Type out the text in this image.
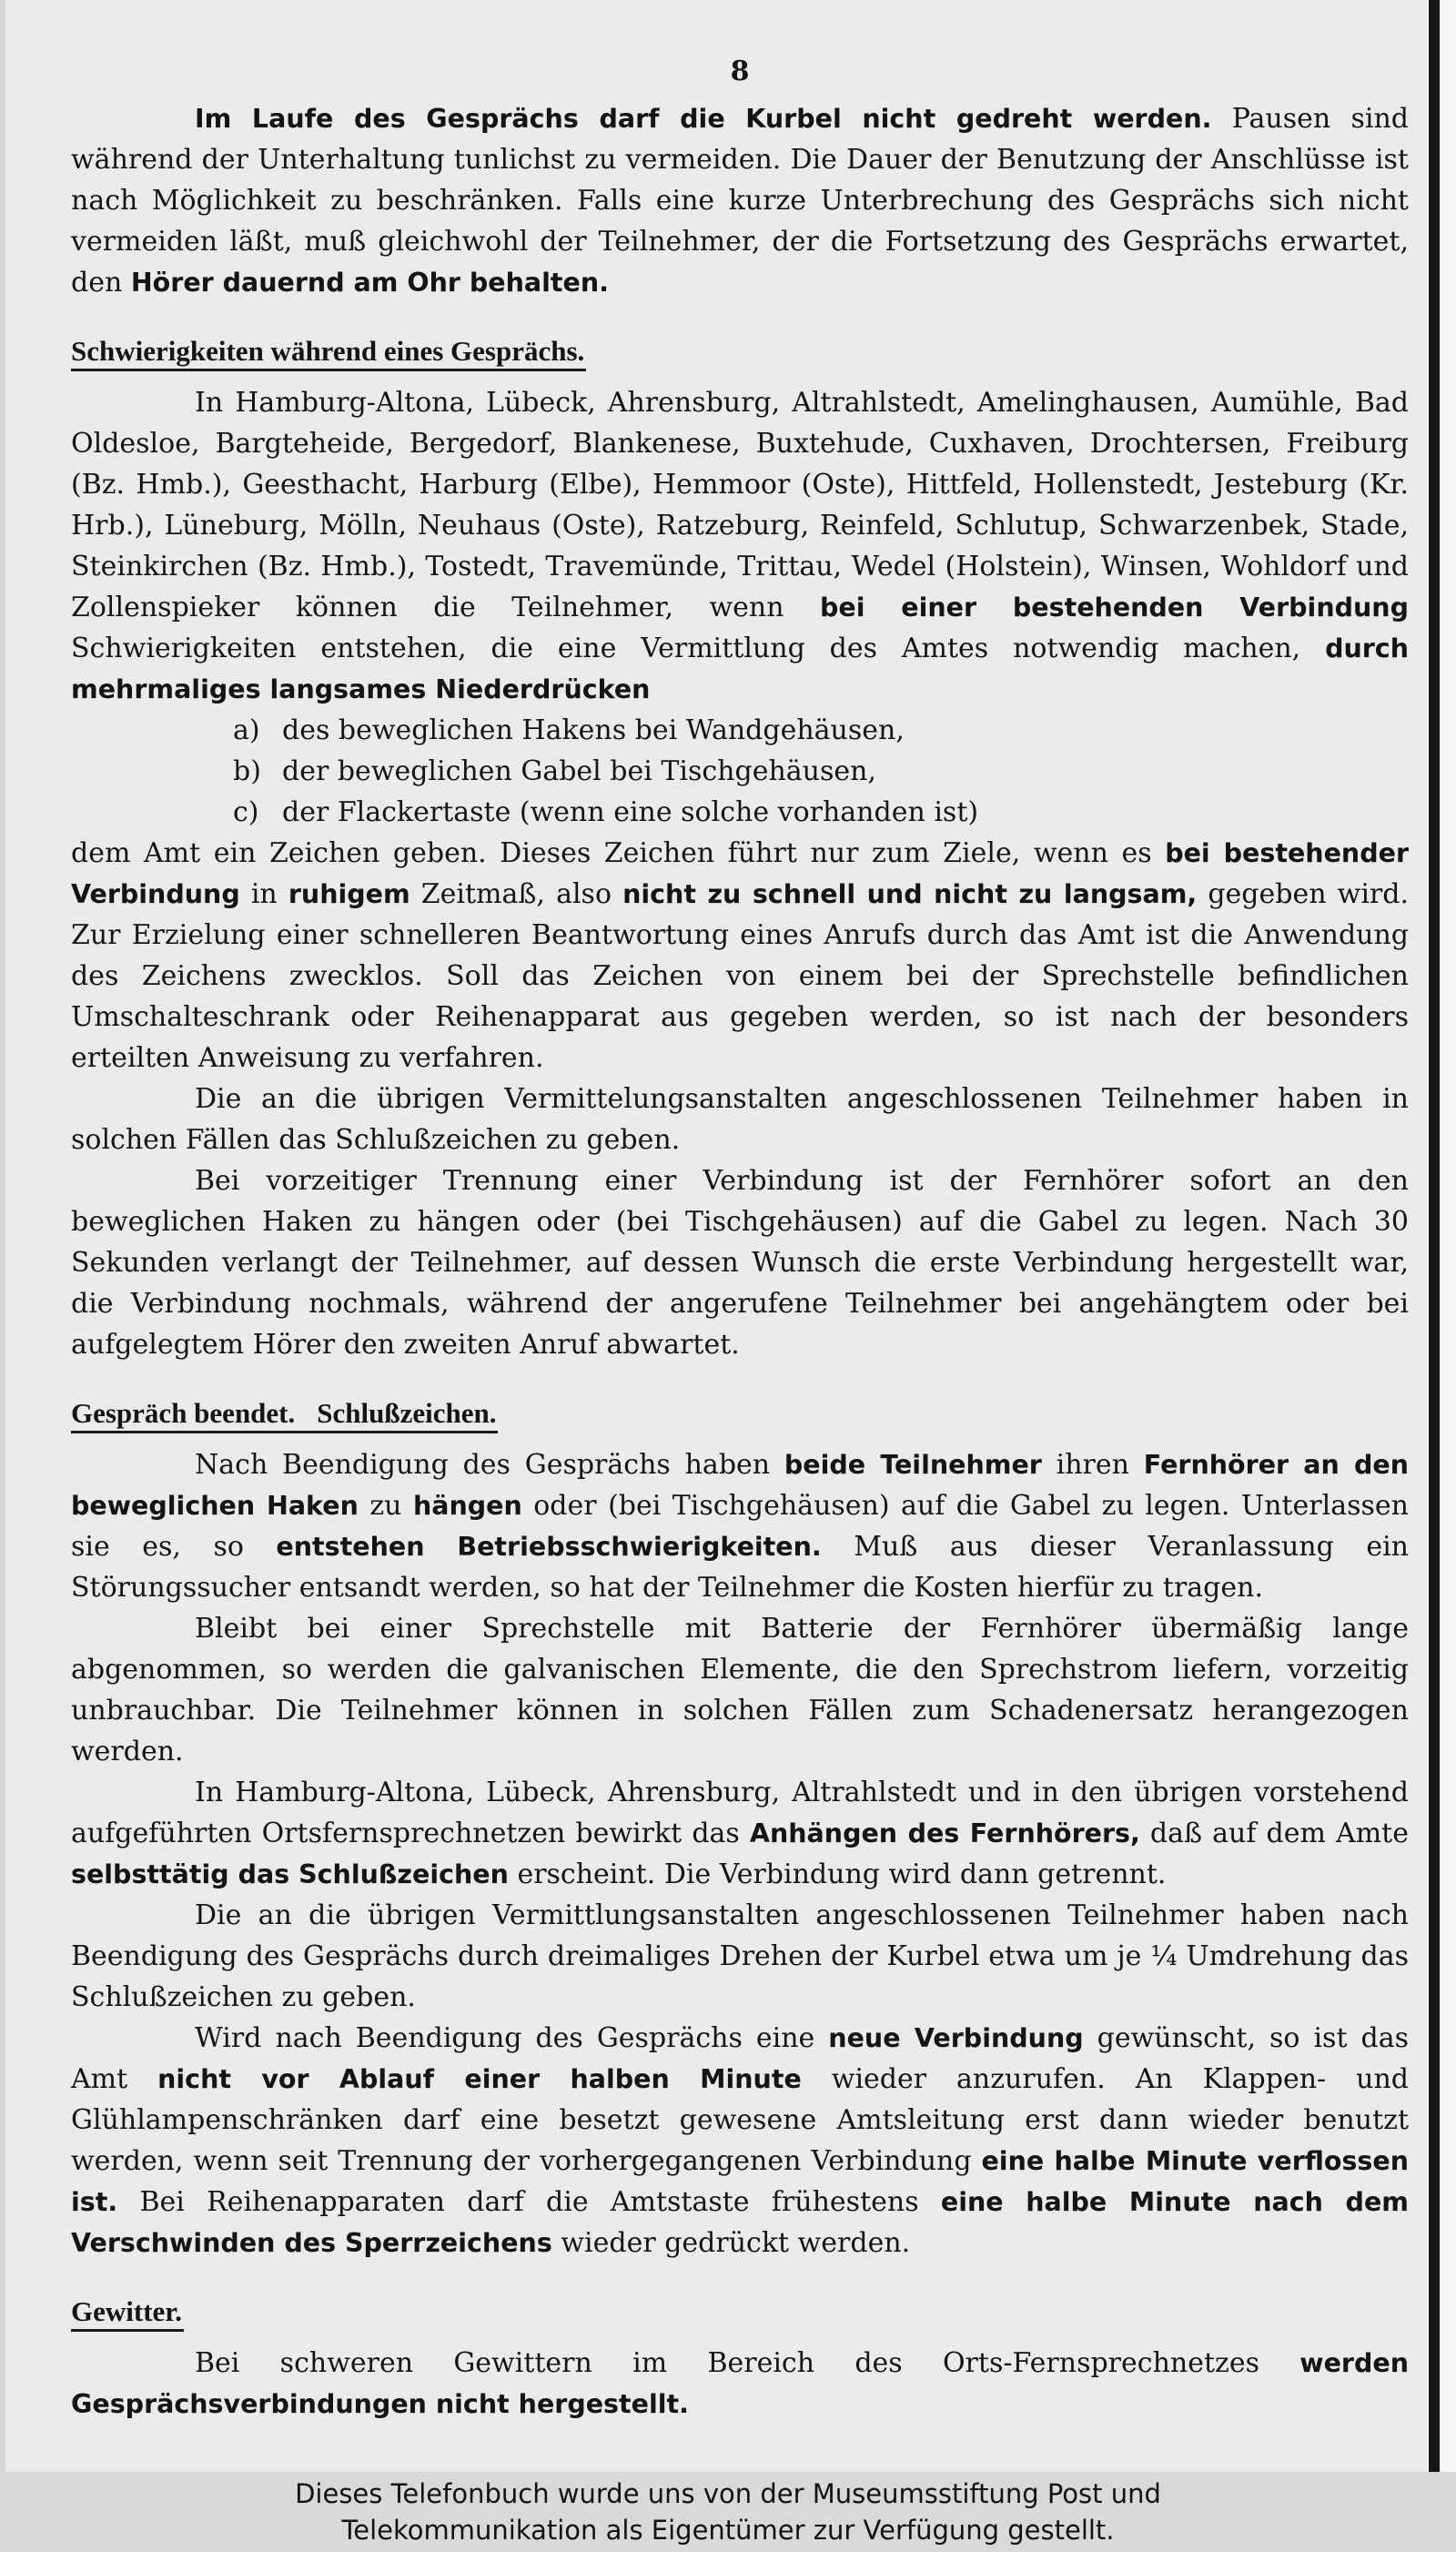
8

Im Laufe des Gesprächs darf die Kurbel nicht gedreht werden. Pausen sind während der Unterhaltung tunlichst zu vermeiden. Die Dauer der Benutzung der Anschlüsse ist nach Möglichkeit zu beschränken. Falls eine kurze Unterbrechung des Gesprächs sich nicht vermeiden läßt, muß gleichwohl der Teilnehmer, der die Fortsetzung des Gesprächs erwartet, den Hörer dauernd am Ohr behalten.

Schwierigkeiten während eines Gesprächs.

In Hamburg-Altona, Lübeck, Ahrensburg, Altrahlstedt, Amelinghausen, Aumühle, Bad Oldesloe, Bargteheide, Bergedorf, Blankenese, Buxtehude, Cuxhaven, Drochtersen, Freiburg (Bz. Hmb.), Geesthacht, Harburg (Elbe), Hemmoor (Oste), Hittfeld, Hollenstedt, Jesteburg (Kr. Hrb.), Lüneburg, Mölln, Neuhaus (Oste), Ratzeburg, Reinfeld, Schlutup, Schwarzenbek, Stade, Steinkirchen (Bz. Hmb.), Tostedt, Travemünde, Trittau, Wedel (Holstein), Winsen, Wohldorf und Zollenspieker können die Teilnehmer, wenn bei einer bestehenden Verbindung Schwierigkeiten entstehen, die eine Vermittlung des Amtes notwendig machen, durch mehrmaliges langsames Niederdrücken

a) des beweglichen Hakens bei Wandgehäusen,
b) der beweglichen Gabel bei Tischgehäusen,
c) der Flackertaste (wenn eine solche vorhanden ist)

dem Amt ein Zeichen geben. Dieses Zeichen führt nur zum Ziele, wenn es bei bestehender Verbindung in ruhigem Zeitmaß, also nicht zu schnell und nicht zu langsam, gegeben wird. Zur Erzielung einer schnelleren Beantwortung eines Anrufs durch das Amt ist die Anwendung des Zeichens zwecklos. Soll das Zeichen von einem bei der Sprechstelle befindlichen Umschalteschrank oder Reihenapparat aus gegeben werden, so ist nach der besonders erteilten Anweisung zu verfahren.

Die an die übrigen Vermittelungsanstalten angeschlossenen Teilnehmer haben in solchen Fällen das Schlußzeichen zu geben.

Bei vorzeitiger Trennung einer Verbindung ist der Fernhörer sofort an den beweglichen Haken zu hängen oder (bei Tischgehäusen) auf die Gabel zu legen. Nach 30 Sekunden verlangt der Teilnehmer, auf dessen Wunsch die erste Verbindung hergestellt war, die Verbindung nochmals, während der angerufene Teilnehmer bei angehängtem oder bei aufgelegtem Hörer den zweiten Anruf abwartet.

Gespräch beendet. Schlußzeichen.

Nach Beendigung des Gesprächs haben beide Teilnehmer ihren Fernhörer an den beweglichen Haken zu hängen oder (bei Tischgehäusen) auf die Gabel zu legen. Unterlassen sie es, so entstehen Betriebsschwierigkeiten. Muß aus dieser Veranlassung ein Störungssucher entsandt werden, so hat der Teilnehmer die Kosten hierfür zu tragen.

Bleibt bei einer Sprechstelle mit Batterie der Fernhörer übermäßig lange abgenommen, so werden die galvanischen Elemente, die den Sprechstrom liefern, vorzeitig unbrauchbar. Die Teilnehmer können in solchen Fällen zum Schadenersatz herangezogen werden.

In Hamburg-Altona, Lübeck, Ahrensburg, Altrahlstedt und in den übrigen vorstehend aufgeführten Ortsfernsprechnetzen bewirkt das Anhängen des Fernhörers, daß auf dem Amte selbsttätig das Schlußzeichen erscheint. Die Verbindung wird dann getrennt.

Die an die übrigen Vermittlungsanstalten angeschlossenen Teilnehmer haben nach Beendigung des Gesprächs durch dreimaliges Drehen der Kurbel etwa um je ¼ Umdrehung das Schlußzeichen zu geben.

Wird nach Beendigung des Gesprächs eine neue Verbindung gewünscht, so ist das Amt nicht vor Ablauf einer halben Minute wieder anzurufen. An Klappen- und Glühlampenschränken darf eine besetzt gewesene Amtsleitung erst dann wieder benutzt werden, wenn seit Trennung der vorhergegangenen Verbindung eine halbe Minute verflossen ist. Bei Reihenapparaten darf die Amtstaste frühestens eine halbe Minute nach dem Verschwinden des Sperrzeichens wieder gedrückt werden.

Gewitter.

Bei schweren Gewittern im Bereich des Orts-Fernsprechnetzes werden Gesprächsverbindungen nicht hergestellt.

Dieses Telefonbuch wurde uns von der Museumsstiftung Post und
Telekommunikation als Eigentümer zur Verfügung gestellt.
